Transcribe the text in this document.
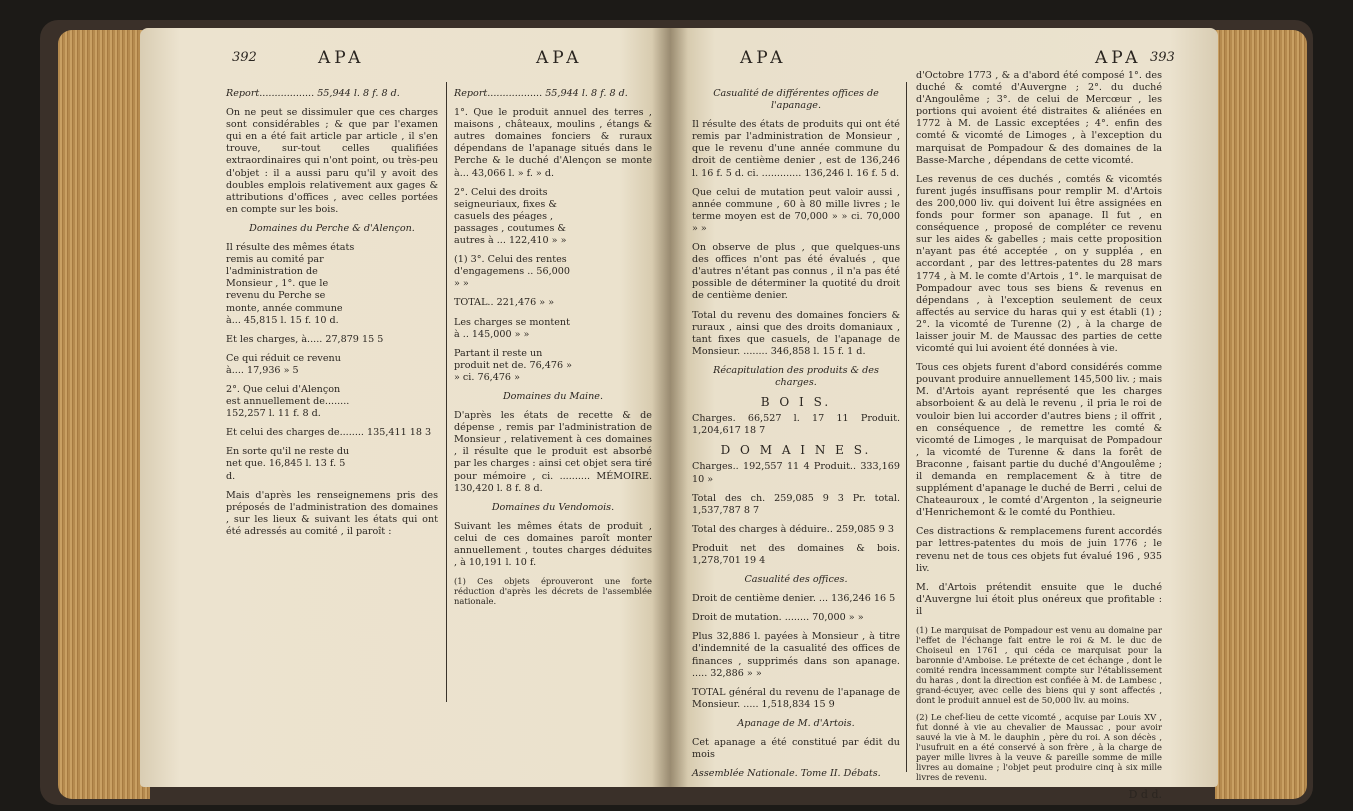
392	APA	APA	APA	APA 393

Report.................. 55,944 l. 8 f. 8 d.

On ne peut se dissimuler que ces charges sont considérables ; & que par l'examen qui en a été fait article par article , il s'en trouve, sur-tout celles qualifiées extraordinaires qui n'ont point, ou très-peu d'objet : il a aussi paru qu'il y avoit des doubles emplois relativement aux gages & attributions d'offices , avec celles portées en compte sur les bois.

Domaines du Perche & d'Alençon.

Il résulte des mêmes états remis au comité par l'administration de Monsieur , 1°. que le revenu du Perche se monte, année commune à... 45,815 l. 15 f. 10 d.

Et les charges, à..... 27,879 15 5

Ce qui réduit ce revenu à.... 17,936 » 5

2°. Que celui d'Alençon est annuellement de........ 152,257 l. 11 f. 8 d.

Et celui des charges de........ 135,411 18 3

En sorte qu'il ne reste du net que. 16,845 l. 13 f. 5 d.

Mais d'après les renseignemens pris des préposés de l'administration des domaines , sur les lieux & suivant les états qui ont été adressés au comité , il paroît :

Report.................. 55,944 l. 8 f. 8 d.

1°. Que le produit annuel des terres , maisons , châteaux, moulins , étangs & autres domaines fonciers & ruraux dépendans de l'apanage situés dans le Perche & le duché d'Alençon se monte à... 43,066 l. » f. » d.

2°. Celui des droits seigneuriaux, fixes & casuels des péages , passages , coutumes & autres à ... 122,410 » »

(1) 3°. Celui des rentes d'engagemens .. 56,000 » »

TOTAL.. 221,476 » »

Les charges se montent à .. 145,000 » »

Partant il reste un produit net de. 76,476 » » ci. 76,476 »

Domaines du Maine.

D'après les états de recette & de dépense , remis par l'administration de Monsieur , relativement à ces domaines , il résulte que le produit est absorbé par les charges : ainsi cet objet sera tiré pour mémoire , ci. .......... MÉMOIRE. 130,420 l. 8 f. 8 d.

Domaines du Vendomois.

Suivant les mêmes états de produit , celui de ces domaines paroît monter annuellement , toutes charges déduites , à 10,191 l. 10 f.

(1) Ces objets éprouveront une forte réduction d'après les décrets de l'assemblée nationale.

Casualité de différentes offices de l'apanage.

Il résulte des états de produits qui ont été remis par l'administration de Monsieur , que le revenu d'une année commune du droit de centième denier , est de 136,246 l. 16 f. 5 d. ci. ............. 136,246 l. 16 f. 5 d.

Que celui de mutation peut valoir aussi , année commune , 60 à 80 mille livres ; le terme moyen est de 70,000 » » ci. 70,000 » »

On observe de plus , que quelques-uns des offices n'ont pas été évalués , que d'autres n'étant pas connus , il n'a pas été possible de déterminer la quotité du droit de centième denier.

Total du revenu des domaines fonciers & ruraux , ainsi que des droits domaniaux , tant fixes que casuels, de l'apanage de Monsieur. ........ 346,858 l. 15 f. 1 d.

Récapitulation des produits & des charges.

B O I S.

Charges. 66,527 l. 17 11 Produit. 1,204,617 18 7

D O M A I N E S.

Charges.. 192,557 11 4 Produit.. 333,169 10 »

Total des ch. 259,085 9 3 Pr. total. 1,537,787 8 7

Total des charges à déduire.. 259,085 9 3

Produit net des domaines & bois. 1,278,701 19 4

Casualité des offices.

Droit de centième denier. ... 136,246 16 5

Droit de mutation. ........ 70,000 » »

Plus 32,886 l. payées à Monsieur , à titre d'indemnité de la casualité des offices de finances , supprimés dans son apanage. ..... 32,886 » »

TOTAL général du revenu de l'apanage de Monsieur. ..... 1,518,834 15 9

Apanage de M. d'Artois.

Cet apanage a été constitué par édit du mois

Assemblée Nationale. Tome II. Débats.

d'Octobre 1773 , & a d'abord été composé 1°. des duché & comté d'Auvergne ; 2°. du duché d'Angoulême ; 3°. de celui de Mercœur , les portions qui avoient été distraites & aliénées en 1772 à M. de Lassic exceptées ; 4°. enfin des comté & vicomté de Limoges , à l'exception du marquisat de Pompadour & des domaines de la Basse-Marche , dépendans de cette vicomté.

Les revenus de ces duchés , comtés & vicomtés furent jugés insuffisans pour remplir M. d'Artois des 200,000 liv. qui doivent lui être assignées en fonds pour former son apanage. Il fut , en conséquence , proposé de compléter ce revenu sur les aides & gabelles ; mais cette proposition n'ayant pas été acceptée , on y suppléa , en accordant , par des lettres-patentes du 28 mars 1774 , à M. le comte d'Artois , 1°. le marquisat de Pompadour avec tous ses biens & revenus en dépendans , à l'exception seulement de ceux affectés au service du haras qui y est établi (1) ; 2°. la vicomté de Turenne (2) , à la charge de laisser jouir M. de Maussac des parties de cette vicomté qui lui avoient été données à vie.

Tous ces objets furent d'abord considérés comme pouvant produire annuellement 145,500 liv. ; mais M. d'Artois ayant représenté que les charges absorboient & au delà le revenu , il pria le roi de vouloir bien lui accorder d'autres biens ; il offrit , en conséquence , de remettre les comté & vicomté de Limoges , le marquisat de Pompadour , la vicomté de Turenne & dans la forêt de Braconne , faisant partie du duché d'Angoulême ; il demanda en remplacement & à titre de supplément d'apanage le duché de Berri , celui de Chateauroux , le comté d'Argenton , la seigneurie d'Henrichemont & le comté du Ponthieu.

Ces distractions & remplacemens furent accordés par lettres-patentes du mois de juin 1776 ; le revenu net de tous ces objets fut évalué 196 , 935 liv.

M. d'Artois prétendit ensuite que le duché d'Auvergne lui étoit plus onéreux que profitable : il

(1) Le marquisat de Pompadour est venu au domaine par l'effet de l'échange fait entre le roi & M. le duc de Choiseul en 1761 , qui céda ce marquisat pour la baronnie d'Amboise. Le prétexte de cet échange , dont le comité rendra incessamment compte sur l'établissement du haras , dont la direction est confiée à M. de Lambesc , grand-écuyer, avec celle des biens qui y sont affectés , dont le produit annuel est de 50,000 liv. au moins.

(2) Le chef-lieu de cette vicomté , acquise par Louis XV , fut donné à vie au chevalier de Maussac , pour avoir sauvé la vie à M. le dauphin , père du roi. A son décès , l'usufruit en a été conservé à son frère , à la charge de payer mille livres à la veuve & pareille somme de mille livres au domaine ; l'objet peut produire cinq à six mille livres de revenu.

D d d.
